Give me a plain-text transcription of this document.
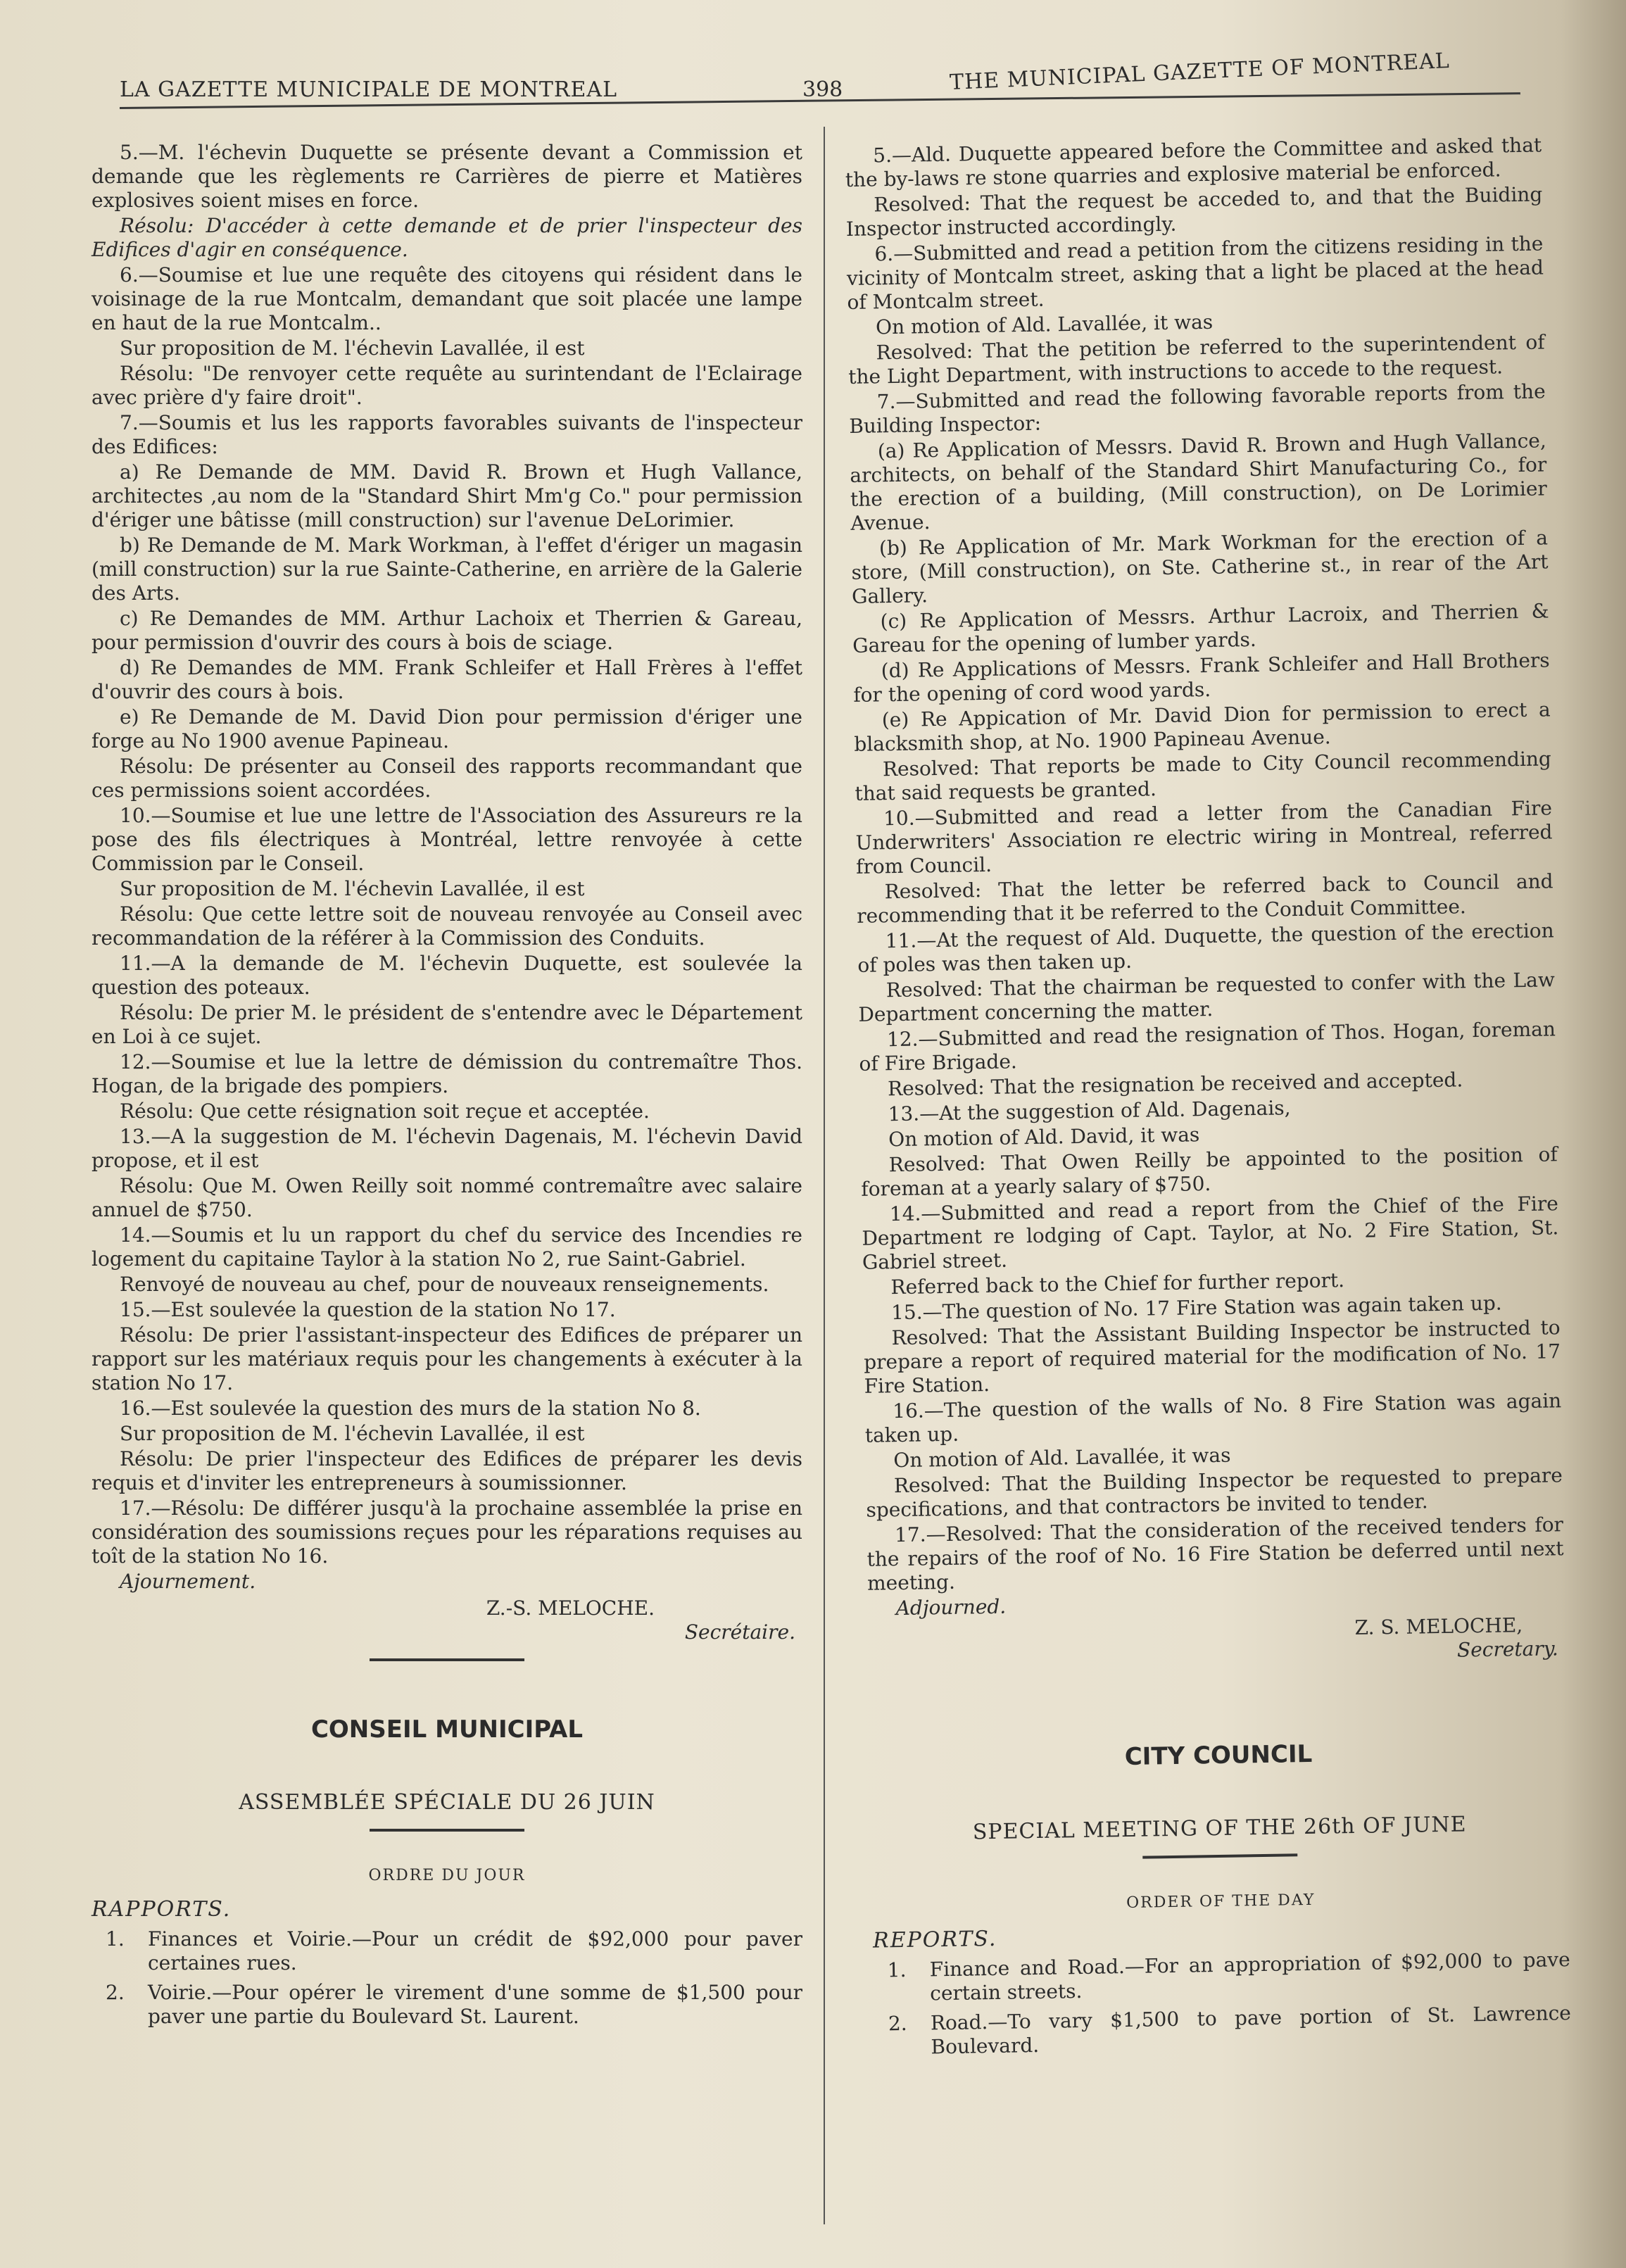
LA GAZETTE MUNICIPALE DE MONTREAL	398	THE MUNICIPAL GAZETTE OF MONTREAL

5.—M. l'échevin Duquette se présente devant a Commission et demande que les règlements re Carrières de pierre et Matières explosives soient mises en force.

Résolu: D'accéder à cette demande et de prier l'inspecteur des Edifices d'agir en conséquence.

6.—Soumise et lue une requête des citoyens qui résident dans le voisinage de la rue Montcalm, demandant que soit placée une lampe en haut de la rue Montcalm..

Sur proposition de M. l'échevin Lavallée, il est

Résolu: "De renvoyer cette requête au surintendant de l'Eclairage avec prière d'y faire droit".

7.—Soumis et lus les rapports favorables suivants de l'inspecteur des Edifices:

a) Re Demande de MM. David R. Brown et Hugh Vallance, architectes ,au nom de la "Standard Shirt Mm'g Co." pour permission d'ériger une bâtisse (mill construction) sur l'avenue DeLorimier.

b) Re Demande de M. Mark Workman, à l'effet d'ériger un magasin (mill construction) sur la rue Sainte-Catherine, en arrière de la Galerie des Arts.

c) Re Demandes de MM. Arthur Lachoix et Therrien & Gareau, pour permission d'ouvrir des cours à bois de sciage.

d) Re Demandes de MM. Frank Schleifer et Hall Frères à l'effet d'ouvrir des cours à bois.

e) Re Demande de M. David Dion pour permission d'ériger une forge au No 1900 avenue Papineau.

Résolu: De présenter au Conseil des rapports recommandant que ces permissions soient accordées.

10.—Soumise et lue une lettre de l'Association des Assureurs re la pose des fils électriques à Montréal, lettre renvoyée à cette Commission par le Conseil.

Sur proposition de M. l'échevin Lavallée, il est

Résolu: Que cette lettre soit de nouveau renvoyée au Conseil avec recommandation de la référer à la Commission des Conduits.

11.—A la demande de M. l'échevin Duquette, est soulevée la question des poteaux.

Résolu: De prier M. le président de s'entendre avec le Département en Loi à ce sujet.

12.—Soumise et lue la lettre de démission du contremaître Thos. Hogan, de la brigade des pompiers.

Résolu: Que cette résignation soit reçue et acceptée.

13.—A la suggestion de M. l'échevin Dagenais, M. l'échevin David propose, et il est

Résolu: Que M. Owen Reilly soit nommé contremaître avec salaire annuel de $750.

14.—Soumis et lu un rapport du chef du service des Incendies re logement du capitaine Taylor à la station No 2, rue Saint-Gabriel.

Renvoyé de nouveau au chef, pour de nouveaux renseignements.

15.—Est soulevée la question de la station No 17.

Résolu: De prier l'assistant-inspecteur des Edifices de préparer un rapport sur les matériaux requis pour les changements à exécuter à la station No 17.

16.—Est soulevée la question des murs de la station No 8.

Sur proposition de M. l'échevin Lavallée, il est

Résolu: De prier l'inspecteur des Edifices de préparer les devis requis et d'inviter les entrepreneurs à soumissionner.

17.—Résolu: De différer jusqu'à la prochaine assemblée la prise en considération des soumissions reçues pour les réparations requises au toît de la station No 16.

Ajournement.

Z.-S. MELOCHE.
Secrétaire.
CONSEIL MUNICIPAL
ASSEMBLÉE SPÉCIALE DU 26 JUIN
ORDRE DU JOUR
RAPPORTS.
1. Finances et Voirie.—Pour un crédit de $92,000 pour paver certaines rues.
2. Voirie.—Pour opérer le virement d'une somme de $1,500 pour paver une partie du Boulevard St. Laurent.

5.—Ald. Duquette appeared before the Committee and asked that the by-laws re stone quarries and explosive material be enforced.

Resolved: That the request be acceded to, and that the Buiding Inspector instructed accordingly.

6.—Submitted and read a petition from the citizens residing in the vicinity of Montcalm street, asking that a light be placed at the head of Montcalm street.

On motion of Ald. Lavallée, it was

Resolved: That the petition be referred to the superintendent of the Light Department, with instructions to accede to the request.

7.—Submitted and read the following favorable reports from the Building Inspector:

(a) Re Application of Messrs. David R. Brown and Hugh Vallance, architects, on behalf of the Standard Shirt Manufacturing Co., for the erection of a building, (Mill construction), on De Lorimier Avenue.

(b) Re Application of Mr. Mark Workman for the erection of a store, (Mill construction), on Ste. Catherine st., in rear of the Art Gallery.

(c) Re Application of Messrs. Arthur Lacroix, and Therrien & Gareau for the opening of lumber yards.

(d) Re Applications of Messrs. Frank Schleifer and Hall Brothers for the opening of cord wood yards.

(e) Re Appication of Mr. David Dion for permission to erect a blacksmith shop, at No. 1900 Papineau Avenue.

Resolved: That reports be made to City Council recommending that said requests be granted.

10.—Submitted and read a letter from the Canadian Fire Underwriters' Association re electric wiring in Montreal, referred from Council.

Resolved: That the letter be referred back to Council and recommending that it be referred to the Conduit Committee.

11.—At the request of Ald. Duquette, the question of the erection of poles was then taken up.

Resolved: That the chairman be requested to confer with the Law Department concerning the matter.

12.—Submitted and read the resignation of Thos. Hogan, foreman of Fire Brigade.

Resolved: That the resignation be received and accepted.

13.—At the suggestion of Ald. Dagenais,

On motion of Ald. David, it was

Resolved: That Owen Reilly be appointed to the position of foreman at a yearly salary of $750.

14.—Submitted and read a report from the Chief of the Fire Department re lodging of Capt. Taylor, at No. 2 Fire Station, St. Gabriel street.

Referred back to the Chief for further report.

15.—The question of No. 17 Fire Station was again taken up.

Resolved: That the Assistant Building Inspector be instructed to prepare a report of required material for the modification of No. 17 Fire Station.

16.—The question of the walls of No. 8 Fire Station was again taken up.

On motion of Ald. Lavallée, it was

Resolved: That the Building Inspector be requested to prepare specifications, and that contractors be invited to tender.

17.—Resolved: That the consideration of the received tenders for the repairs of the roof of No. 16 Fire Station be deferred until next meeting.

Adjourned.

Z. S. MELOCHE,
Secretary.
CITY COUNCIL
SPECIAL MEETING OF THE 26th OF JUNE
ORDER OF THE DAY
REPORTS.
1. Finance and Road.—For an appropriation of $92,000 to pave certain streets.
2. Road.—To vary $1,500 to pave portion of St. Lawrence Boulevard.
